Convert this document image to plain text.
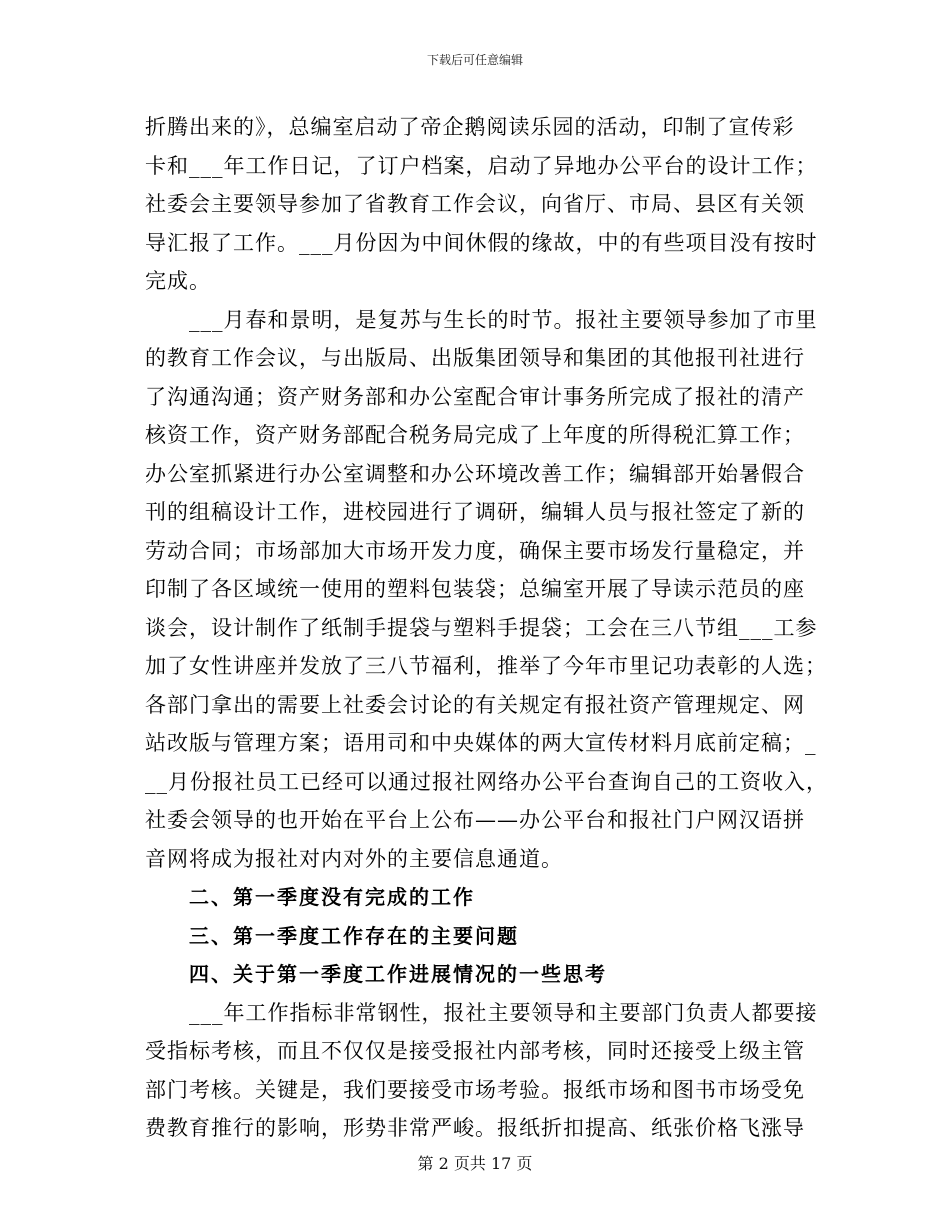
下载后可任意编辑
折腾出来的》，总编室启动了帝企鹅阅读乐园的活动，印制了宣传彩
卡和___年工作日记，了订户档案，启动了异地办公平台的设计工作；
社委会主要领导参加了省教育工作会议，向省厅、市局、县区有关领
导汇报了工作。___月份因为中间休假的缘故，中的有些项目没有按时
完成。
___月春和景明，是复苏与生长的时节。报社主要领导参加了市里
的教育工作会议，与出版局、出版集团领导和集团的其他报刊社进行
了沟通沟通；资产财务部和办公室配合审计事务所完成了报社的清产
核资工作，资产财务部配合税务局完成了上年度的所得税汇算工作；
办公室抓紧进行办公室调整和办公环境改善工作；编辑部开始暑假合
刊的组稿设计工作，进校园进行了调研，编辑人员与报社签定了新的
劳动合同；市场部加大市场开发力度，确保主要市场发行量稳定，并
印制了各区域统一使用的塑料包装袋；总编室开展了导读示范员的座
谈会，设计制作了纸制手提袋与塑料手提袋；工会在三八节组___工参
加了女性讲座并发放了三八节福利，推举了今年市里记功表彰的人选；
各部门拿出的需要上社委会讨论的有关规定有报社资产管理规定、网
站改版与管理方案；语用司和中央媒体的两大宣传材料月底前定稿；_
__月份报社员工已经可以通过报社网络办公平台查询自己的工资收入，
社委会领导的也开始在平台上公布——办公平台和报社门户网汉语拼
音网将成为报社对内对外的主要信息通道。
二、第一季度没有完成的工作
三、第一季度工作存在的主要问题
四、关于第一季度工作进展情况的一些思考
___年工作指标非常钢性，报社主要领导和主要部门负责人都要接
受指标考核，而且不仅仅是接受报社内部考核，同时还接受上级主管
部门考核。关键是，我们要接受市场考验。报纸市场和图书市场受免
费教育推行的影响，形势非常严峻。报纸折扣提高、纸张价格飞涨导
第 2 页共 17 页
